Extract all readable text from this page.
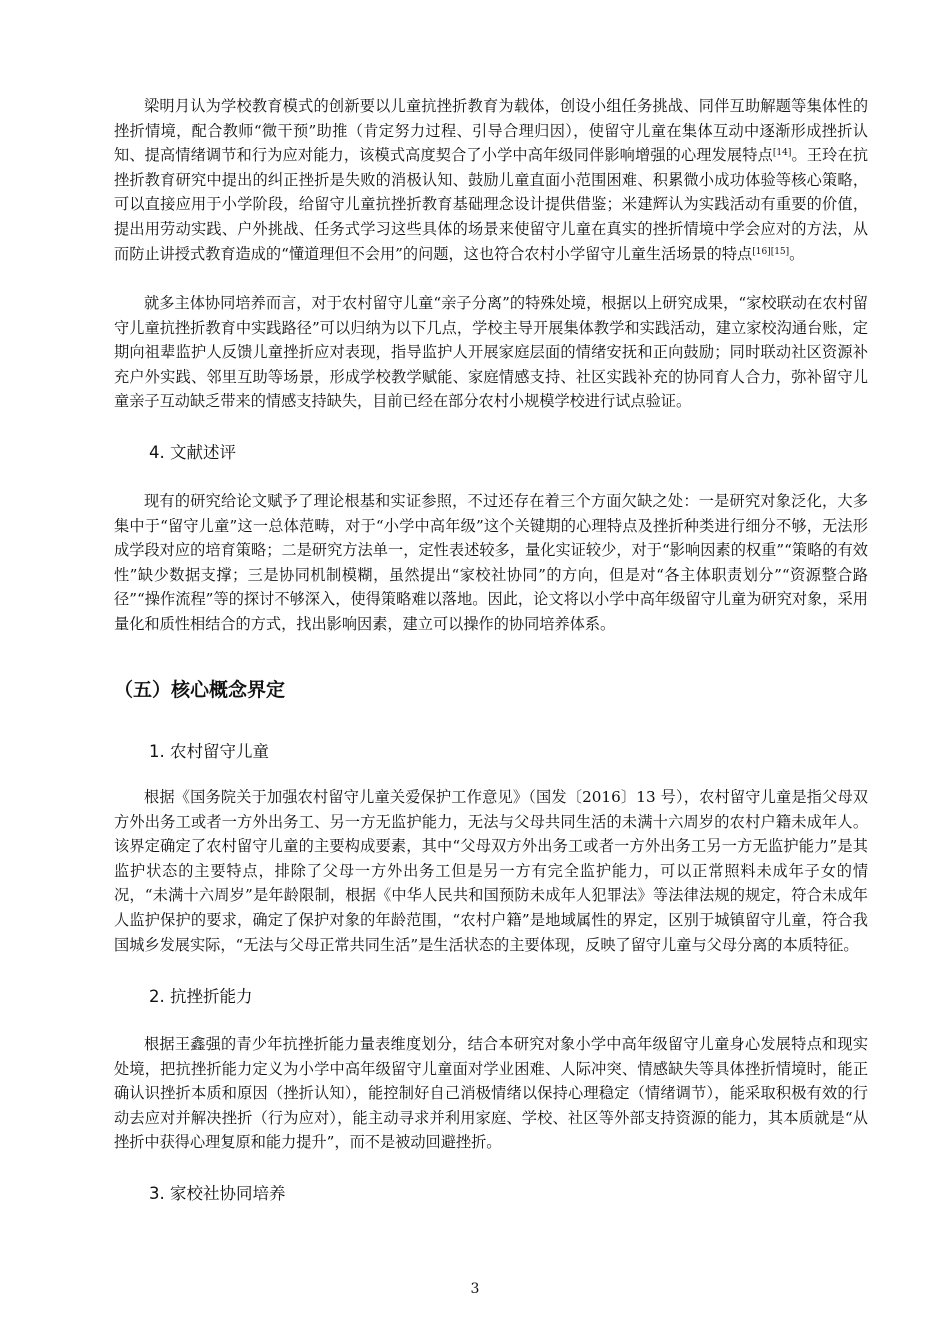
梁明月认为学校教育模式的创新要以儿童抗挫折教育为载体，创设小组任务挑战、同伴互助解题等集体性的挫折情境，配合教师“微干预”助推（肯定努力过程、引导合理归因），使留守儿童在集体互动中逐渐形成挫折认知、提高情绪调节和行为应对能力，该模式高度契合了小学中高年级同伴影响增强的心理发展特点[14]。王玲在抗挫折教育研究中提出的纠正挫折是失败的消极认知、鼓励儿童直面小范围困难、积累微小成功体验等核心策略，可以直接应用于小学阶段，给留守儿童抗挫折教育基础理念设计提供借鉴；米建辉认为实践活动有重要的价值，提出用劳动实践、户外挑战、任务式学习这些具体的场景来使留守儿童在真实的挫折情境中学会应对的方法，从而防止讲授式教育造成的“懂道理但不会用”的问题，这也符合农村小学留守儿童生活场景的特点[16][15]。

就多主体协同培养而言，对于农村留守儿童“亲子分离”的特殊处境，根据以上研究成果，“家校联动在农村留守儿童抗挫折教育中实践路径”可以归纳为以下几点，学校主导开展集体教学和实践活动，建立家校沟通台账，定期向祖辈监护人反馈儿童挫折应对表现，指导监护人开展家庭层面的情绪安抚和正向鼓励；同时联动社区资源补充户外实践、邻里互助等场景，形成学校教学赋能、家庭情感支持、社区实践补充的协同育人合力，弥补留守儿童亲子互动缺乏带来的情感支持缺失，目前已经在部分农村小规模学校进行试点验证。

4. 文献述评

现有的研究给论文赋予了理论根基和实证参照，不过还存在着三个方面欠缺之处：一是研究对象泛化，大多集中于“留守儿童”这一总体范畴，对于“小学中高年级”这个关键期的心理特点及挫折种类进行细分不够，无法形成学段对应的培育策略；二是研究方法单一，定性表述较多，量化实证较少，对于“影响因素的权重”“策略的有效性”缺少数据支撑；三是协同机制模糊，虽然提出“家校社协同”的方向，但是对“各主体职责划分”“资源整合路径”“操作流程”等的探讨不够深入，使得策略难以落地。因此，论文将以小学中高年级留守儿童为研究对象，采用量化和质性相结合的方式，找出影响因素，建立可以操作的协同培养体系。

（五）核心概念界定
1. 农村留守儿童

根据《国务院关于加强农村留守儿童关爱保护工作意见》（国发〔2016〕13 号），农村留守儿童是指父母双方外出务工或者一方外出务工、另一方无监护能力，无法与父母共同生活的未满十六周岁的农村户籍未成年人。该界定确定了农村留守儿童的主要构成要素，其中“父母双方外出务工或者一方外出务工另一方无监护能力”是其监护状态的主要特点，排除了父母一方外出务工但是另一方有完全监护能力，可以正常照料未成年子女的情况，“未满十六周岁”是年龄限制，根据《中华人民共和国预防未成年人犯罪法》等法律法规的规定，符合未成年人监护保护的要求，确定了保护对象的年龄范围，“农村户籍”是地域属性的界定，区别于城镇留守儿童，符合我国城乡发展实际，“无法与父母正常共同生活”是生活状态的主要体现，反映了留守儿童与父母分离的本质特征。

2. 抗挫折能力

根据王鑫强的青少年抗挫折能力量表维度划分，结合本研究对象小学中高年级留守儿童身心发展特点和现实处境，把抗挫折能力定义为小学中高年级留守儿童面对学业困难、人际冲突、情感缺失等具体挫折情境时，能正确认识挫折本质和原因（挫折认知），能控制好自己消极情绪以保持心理稳定（情绪调节），能采取积极有效的行动去应对并解决挫折（行为应对），能主动寻求并利用家庭、学校、社区等外部支持资源的能力，其本质就是“从挫折中获得心理复原和能力提升”，而不是被动回避挫折。

3. 家校社协同培养
3
